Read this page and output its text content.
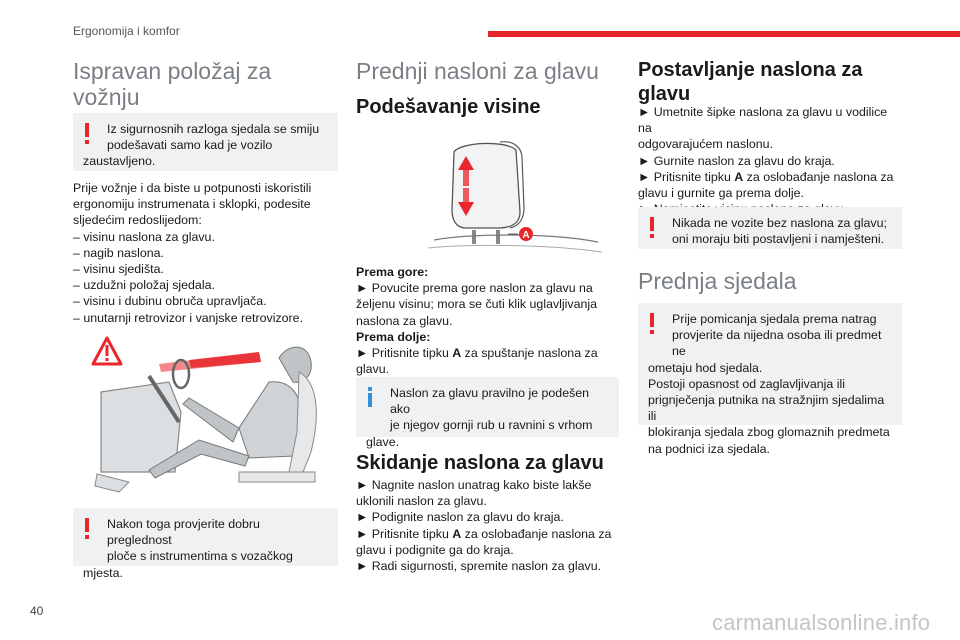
Ergonomija i komfor
Ispravan položaj za
vožnju
Iz sigurnosnih razloga sjedala se smiju
podešavati samo kad je vozilo
zaustavljeno.
Prije vožnje i da biste u potpunosti iskoristili
ergonomiju instrumenata i sklopki, podesite
sljedećim redoslijedom:
– visinu naslona za glavu.
– nagib naslona.
– visinu sjedišta.
– uzdužni položaj sjedala.
– visinu i dubinu obruča upravljača.
– unutarnji retrovizor i vanjske retrovizore.
Nakon toga provjerite dobru preglednost
ploče s instrumentima s vozačkog
mjesta.
Prednji nasloni za glavu
Podešavanje visine
A
Prema gore:
► Povucite prema gore naslon za glavu na
željenu visinu; mora se čuti klik uglavljivanja
naslona za glavu.
Prema dolje:
► Pritisnite tipku A za spuštanje naslona za
glavu.
Naslon za glavu pravilno je podešen ako
je njegov gornji rub u ravnini s vrhom
glave.
Skidanje naslona za glavu
► Nagnite naslon unatrag kako biste lakše
uklonili naslon za glavu.
► Podignite naslon za glavu do kraja.
► Pritisnite tipku A za oslobađanje naslona za
glavu i podignite ga do kraja.
► Radi sigurnosti, spremite naslon za glavu.
Postavljanje naslona za
glavu
► Umetnite šipke naslona za glavu u vodilice na
odgovarajućem naslonu.
► Gurnite naslon za glavu do kraja.
► Pritisnite tipku A za oslobađanje naslona za
glavu i gurnite ga prema dolje.
Nikada ne vozite bez naslona za glavu;
oni moraju biti postavljeni i namješteni.
Prednja sjedala
Prije pomicanja sjedala prema natrag
provjerite da nijedna osoba ili predmet ne
ometaju hod sjedala.
Postoji opasnost od zaglavljivanja ili
prignječenja putnika na stražnjim sjedalima ili
blokiranja sjedala zbog glomaznih predmeta
na podnici iza sjedala.
40	carmanualsonline.info
